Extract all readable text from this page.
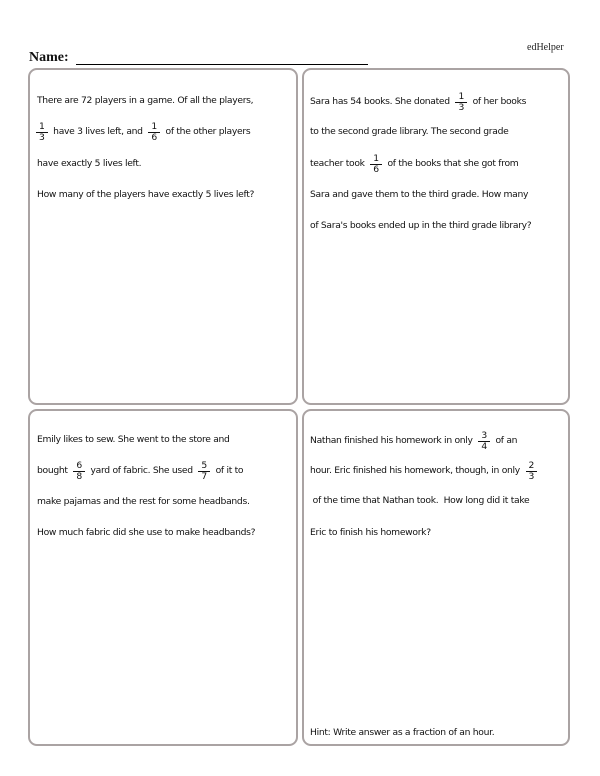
edHelper
Name:
There are 72 players in a game. Of all the players,
$\frac{1}{3}$ have 3 lives left, and $\frac{1}{6}$ of the other players
have exactly 5 lives left.
How many of the players have exactly 5 lives left?
Sara has 54 books. She donated $\frac{1}{3}$ of her books
to the second grade library. The second grade
teacher took $\frac{1}{6}$ of the books that she got from
Sara and gave them to the third grade. How many
of Sara's books ended up in the third grade library?
Emily likes to sew. She went to the store and
bought $\frac{6}{8}$ yard of fabric. She used $\frac{5}{7}$ of it to
make pajamas and the rest for some headbands.
How much fabric did she use to make headbands?
Nathan finished his homework in only $\frac{3}{4}$ of an
hour. Eric finished his homework, though, in only $\frac{2}{3}$
of the time that Nathan took.  How long did it take
Eric to finish his homework?
Hint: Write answer as a fraction of an hour.
